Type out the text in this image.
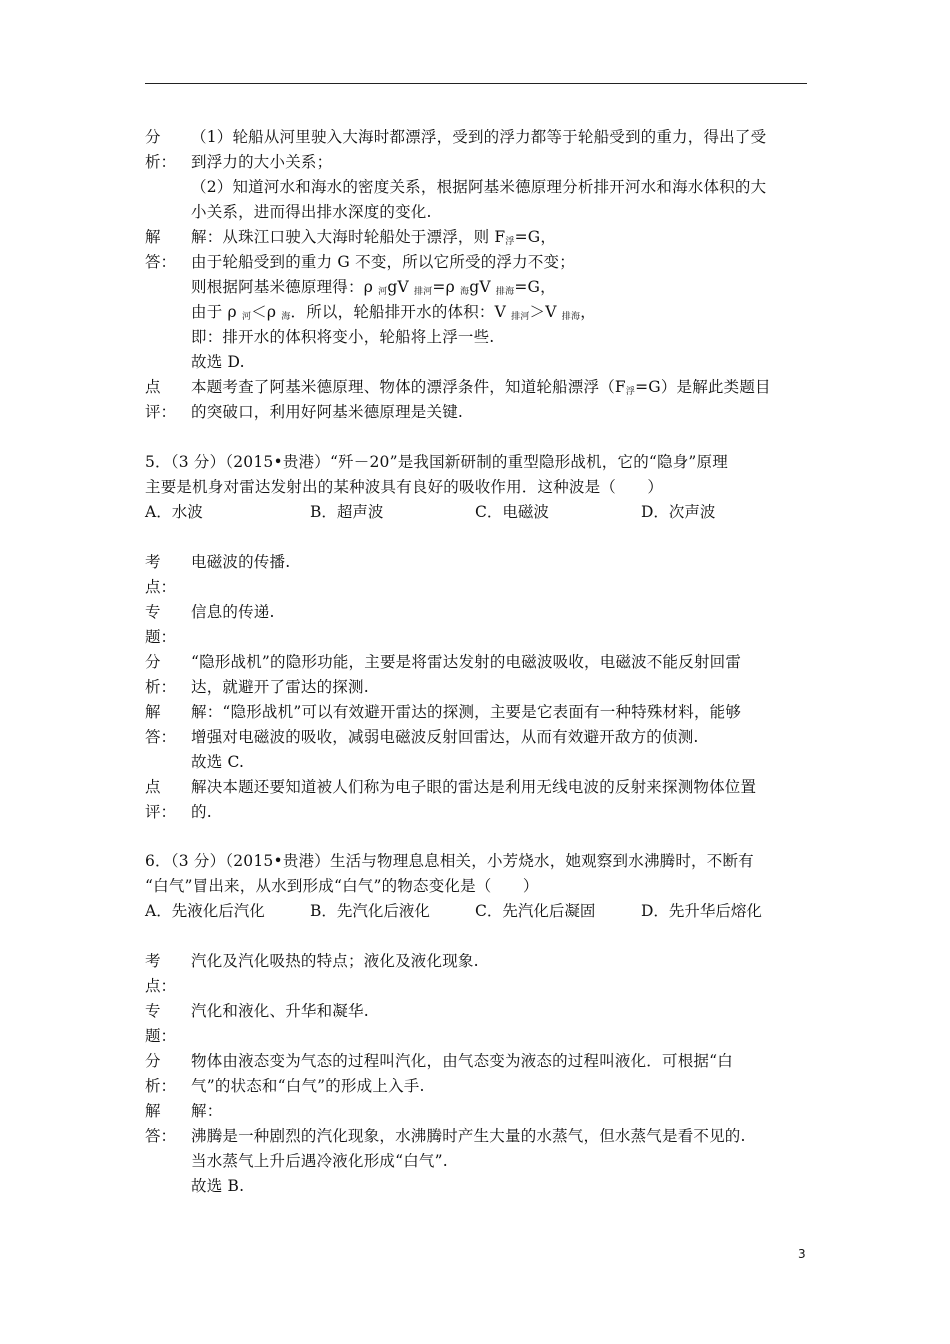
分
析：
（1）轮船从河里驶入大海时都漂浮，受到的浮力都等于轮船受到的重力，得出了受
到浮力的大小关系；
（2）知道河水和海水的密度关系，根据阿基米德原理分析排开河水和海水体积的大
小关系，进而得出排水深度的变化.
解
答：
解：从珠江口驶入大海时轮船处于漂浮，则 $F_浮=G$，
由于轮船受到的重力 G 不变，所以它所受的浮力不变；
则根据阿基米德原理得：ρ $_河$gV $_{排河}$=ρ $_海$gV $_{排海}$=G，
由于 ρ $_河$＜ρ $_海$．所以，轮船排开水的体积：V $_{排河}$＞V $_{排海}$，
即：排开水的体积将变小，轮船将上浮一些.
故选 D.
点
评：
本题考查了阿基米德原理、物体的漂浮条件，知道轮船漂浮$(F_浮=G)$是解此类题目
的突破口，利用好阿基米德原理是关键.
5．（3 分）（2015•贵港）“歼－20”是我国新研制的重型隐形战机，它的“隐身”原理
主要是机身对雷达发射出的某种波具有良好的吸收作用．这种波是（　　）
A．水波	B．超声波	C．电磁波	D．次声波
考
点：
电磁波的传播.
专
题：
信息的传递.
分
析：
“隐形战机”的隐形功能，主要是将雷达发射的电磁波吸收，电磁波不能反射回雷
达，就避开了雷达的探测.
解
答：
解：“隐形战机”可以有效避开雷达的探测，主要是它表面有一种特殊材料，能够
增强对电磁波的吸收，减弱电磁波反射回雷达，从而有效避开敌方的侦测.
故选 C.
点
评：
解决本题还要知道被人们称为电子眼的雷达是利用无线电波的反射来探测物体位置
的.
6．（3 分）（2015•贵港）生活与物理息息相关，小芳烧水，她观察到水沸腾时，不断有
“白气”冒出来，从水到形成“白气”的物态变化是（　　）
A．先液化后汽化	B．先汽化后液化	C．先汽化后凝固	D．先升华后熔化
考
点：
汽化及汽化吸热的特点；液化及液化现象.
专
题：
汽化和液化、升华和凝华.
分
析：
物体由液态变为气态的过程叫汽化，由气态变为液态的过程叫液化．可根据“白
气”的状态和“白气”的形成上入手.
解
答：
解：
沸腾是一种剧烈的汽化现象，水沸腾时产生大量的水蒸气，但水蒸气是看不见的.
当水蒸气上升后遇冷液化形成“白气”.
故选 B.
3
